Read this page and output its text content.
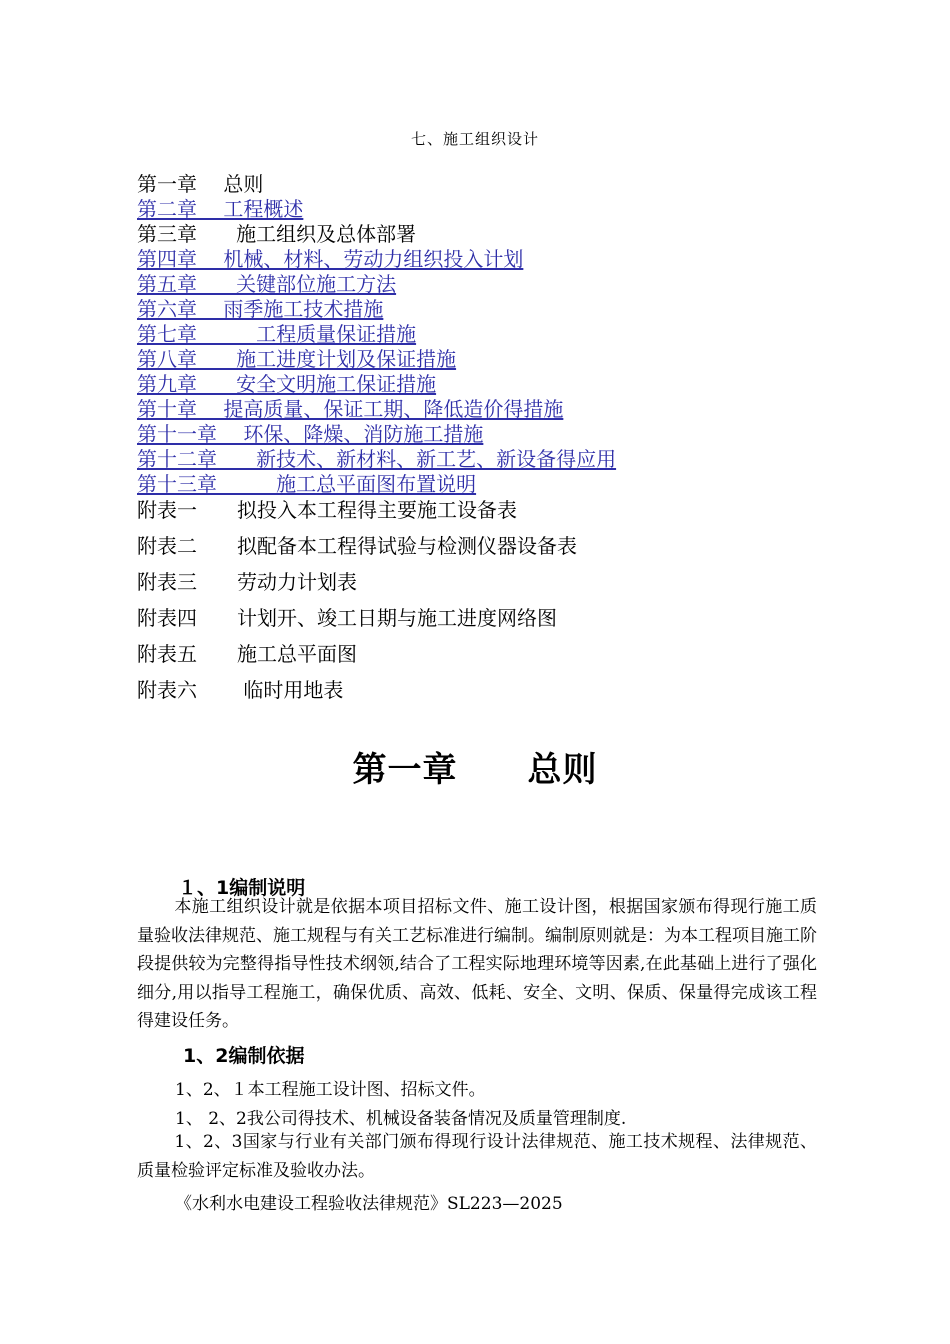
七、施工组织设计
第一章　 总则
第二章　 工程概述
第三章　   施工组织及总体部署
第四章　 机械、材料、劳动力组织投入计划
第五章　   关键部位施工方法
第六章　 雨季施工技术措施
第七章　　   工程质量保证措施
第八章　   施工进度计划及保证措施
第九章　   安全文明施工保证措施
第十章　 提高质量、保证工期、降低造价得措施
第十一章　 环保、降燥、消防施工措施
第十二章　   新技术、新材料、新工艺、新设备得应用
第十三章　　   施工总平面图布置说明
附表一　　拟投入本工程得主要施工设备表
附表二　　拟配备本工程得试验与检测仪器设备表
附表三　　劳动力计划表
附表四　　计划开、竣工日期与施工进度网络图
附表五　　施工总平面图
附表六　　 临时用地表
第一章　　总则
１、1编制说明

本施工组织设计就是依据本项目招标文件、施工设计图，根据国家颁布得现行施工质量验收法律规范、施工规程与有关工艺标准进行编制。编制原则就是：为本工程项目施工阶段提供较为完整得指导性技术纲领,结合了工程实际地理环境等因素,在此基础上进行了强化细分,用以指导工程施工，确保优质、高效、低耗、安全、文明、保质、保量得完成该工程得建设任务。

1、2编制依据
1、2、１本工程施工设计图、招标文件。
1、 2、2我公司得技术、机械设备装备情况及质量管理制度.

1、2、3国家与行业有关部门颁布得现行设计法律规范、施工技术规程、法律规范、质量检验评定标准及验收办法。

《水利水电建设工程验收法律规范》SL223—2025
